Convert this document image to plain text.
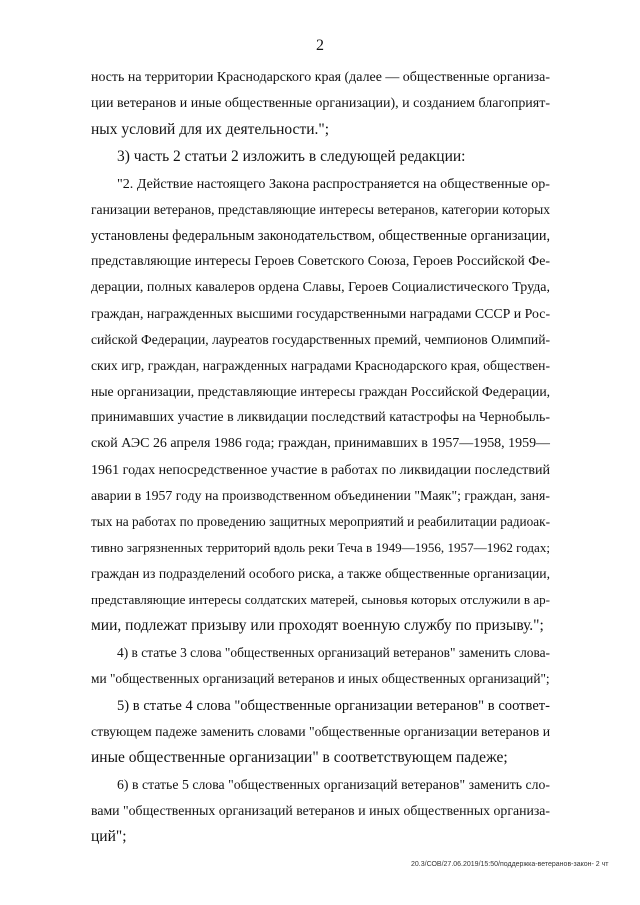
2
ность на территории Краснодарского края (далее — общественные организа-
ции ветеранов и иные общественные организации), и созданием благоприят-
ных условий для их деятельности.";
3) часть 2 статьи 2 изложить в следующей редакции:
"2. Действие настоящего Закона распространяется на общественные ор-
ганизации ветеранов, представляющие интересы ветеранов, категории которых
установлены федеральным законодательством, общественные организации,
представляющие интересы Героев Советского Союза, Героев Российской Фе-
дерации, полных кавалеров ордена Славы, Героев Социалистического Труда,
граждан, награжденных высшими государственными наградами СССР и Рос-
сийской Федерации, лауреатов государственных премий, чемпионов Олимпий-
ских игр, граждан, награжденных наградами Краснодарского края, обществен-
ные организации, представляющие интересы граждан Российской Федерации,
принимавших участие в ликвидации последствий катастрофы на Чернобыль-
ской АЭС 26 апреля 1986 года; граждан, принимавших в 1957—1958, 1959—
1961 годах непосредственное участие в работах по ликвидации последствий
аварии в 1957 году на производственном объединении "Маяк"; граждан, заня-
тых на работах по проведению защитных мероприятий и реабилитации радиоак-
тивно загрязненных территорий вдоль реки Теча в 1949—1956, 1957—1962 годах;
граждан из подразделений особого риска, а также общественные организации,
представляющие интересы солдатских матерей, сыновья которых отслужили в ар-
мии, подлежат призыву или проходят военную службу по призыву.";
4) в статье 3 слова "общественных организаций ветеранов" заменить слова-
ми "общественных организаций ветеранов и иных общественных организаций";
5) в статье 4 слова "общественные организации ветеранов" в соответ-
ствующем падеже заменить словами "общественные организации ветеранов и
иные общественные организации" в соответствующем падеже;
6) в статье 5 слова "общественных организаций ветеранов" заменить сло-
вами "общественных организаций ветеранов и иных общественных организа-
ций";
20.3/СОВ/27.06.2019/15:50/поддержка-ветеранов-закон- 2 чт
